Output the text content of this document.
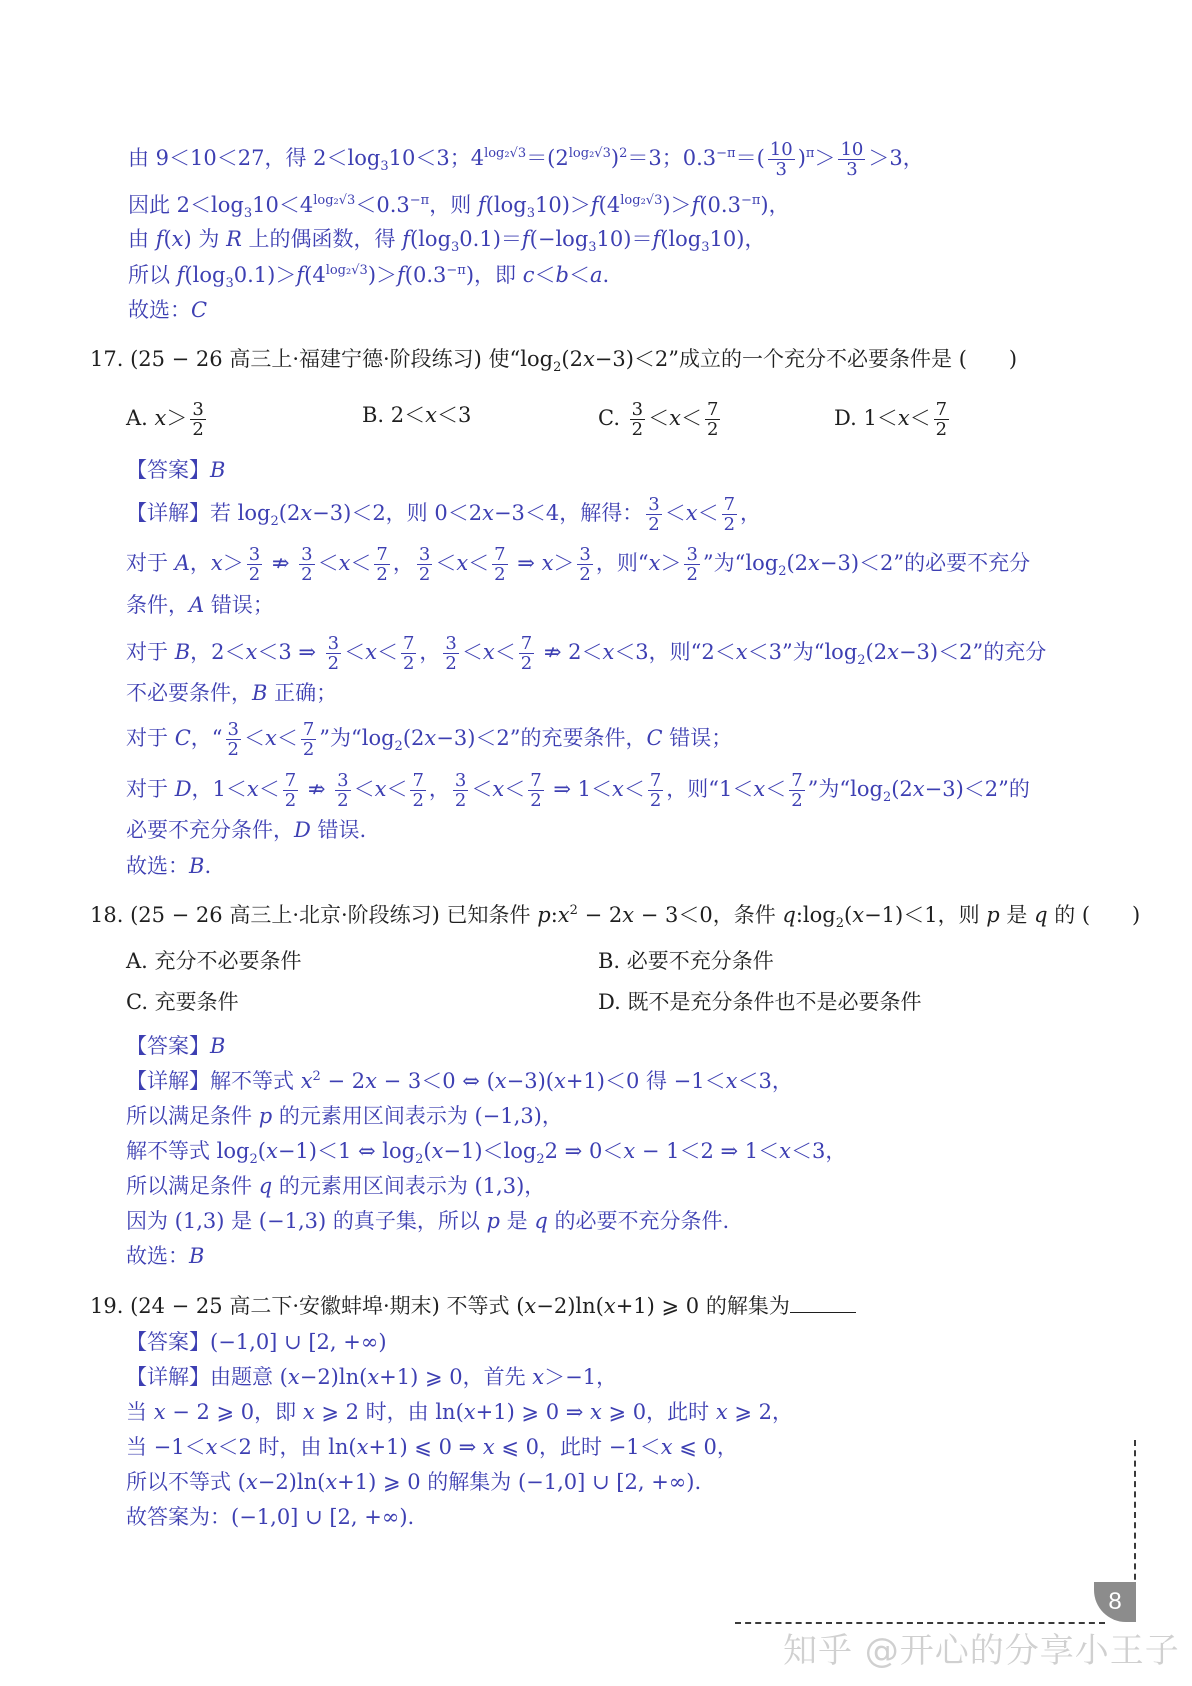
由 9＜10＜27，得 $2<\log_310<3$；$4^{log_2√3}=(2^{log_2√3})^2=3$；$0.3^{-\pi}=( \frac{10}{3} )^\pi> \frac{10}{3} >3$，
因此 $2<\log_310<4^{log_2√3}<0.3^{-\pi}$，则 $f(\log_310)>f(4^{log_2√3})>f(0.3^{-\pi})$，
由 f(x) 为 R 上的偶函数，得 $f(\log_30.1)=f(-\log_310)=f(\log_310)$，
所以 $f(\log_30.1)>f(4^{log_2√3})>f(0.3^{-\pi})$，即 c＜b＜a.
故选：C
17. (25 − 26 高三上·福建宁德·阶段练习) 使“$\log_2(2x-3)<2$”成立的一个充分不必要条件是 (　　)
A. $x> \frac{3}{2}$	B. 2＜x＜3	C. $\frac{3}{2} <x< \frac{7}{2}$	D. $1<x< \frac{7}{2}$
【答案】B
【详解】若 $\log_2(2x-3)<2$，则 0＜2x−3＜4，解得： $\frac{3}{2} <x< \frac{7}{2}$ ，
对于 A，$x> \frac{3}{2}$ ⇏ $\frac{3}{2} <x< \frac{7}{2}$ ， $\frac{3}{2} <x< \frac{7}{2}$ ⇒ $x> \frac{3}{2}$ ，则“$x> \frac{3}{2}$ ”为“$\log_2(2x-3)<2$”的必要不充分
条件，A 错误；
对于 B，2＜x＜3 ⇒ $\frac{3}{2} <x< \frac{7}{2}$ ， $\frac{3}{2} <x< \frac{7}{2}$ ⇏ 2＜x＜3，则“2＜x＜3”为“$\log_2(2x-3)<2$”的充分
不必要条件，B 正确；
对于 C，“ $\frac{3}{2} <x< \frac{7}{2}$ ”为“$\log_2(2x-3)<2$”的充要条件，C 错误；
对于 D，$1<x< \frac{7}{2}$ ⇏ $\frac{3}{2} <x< \frac{7}{2}$ ， $\frac{3}{2} <x< \frac{7}{2}$ ⇒ $1<x< \frac{7}{2}$ ，则“$1<x< \frac{7}{2}$ ”为“$\log_2(2x-3)<2$”的
必要不充分条件，D 错误.
故选：B.
18. (25 − 26 高三上·北京·阶段练习) 已知条件 $p:x^2 - 2x - 3<0$，条件 $q:\log_2(x-1)<1$，则 p 是 q 的 (　　)
A. 充分不必要条件	B. 必要不充分条件
C. 充要条件	D. 既不是充分条件也不是必要条件
【答案】B
【详解】解不等式 $x^2 - 2x - 3<0$ ⇔ (x−3)(x+1)＜0 得 −1＜x＜3，
所以满足条件 p 的元素用区间表示为 (−1,3)，
解不等式 $\log_2(x-1)<1$ ⇔ $\log_2(x-1)<\log_22$ ⇒ 0＜x − 1＜2 ⇒ 1＜x＜3，
所以满足条件 q 的元素用区间表示为 (1,3)，
因为 (1,3) 是 (−1,3) 的真子集，所以 p 是 q 的必要不充分条件.
故选：B
19. (24 − 25 高二下·安徽蚌埠·期末) 不等式 (x−2)ln(x+1) ⩾ 0 的解集为
【答案】(−1,0] ∪ [2, +∞)
【详解】由题意 (x−2)ln(x+1) ⩾ 0，首先 x＞−1，
当 x − 2 ⩾ 0，即 x ⩾ 2 时，由 ln(x+1) ⩾ 0 ⇒ x ⩾ 0，此时 x ⩾ 2，
当 −1＜x＜2 时，由 ln(x+1) ⩽ 0 ⇒ x ⩽ 0，此时 −1＜x ⩽ 0，
所以不等式 (x−2)ln(x+1) ⩾ 0 的解集为 (−1,0] ∪ [2, +∞).
故答案为：(−1,0] ∪ [2, +∞).
8
知乎 @开心的分享小王子
